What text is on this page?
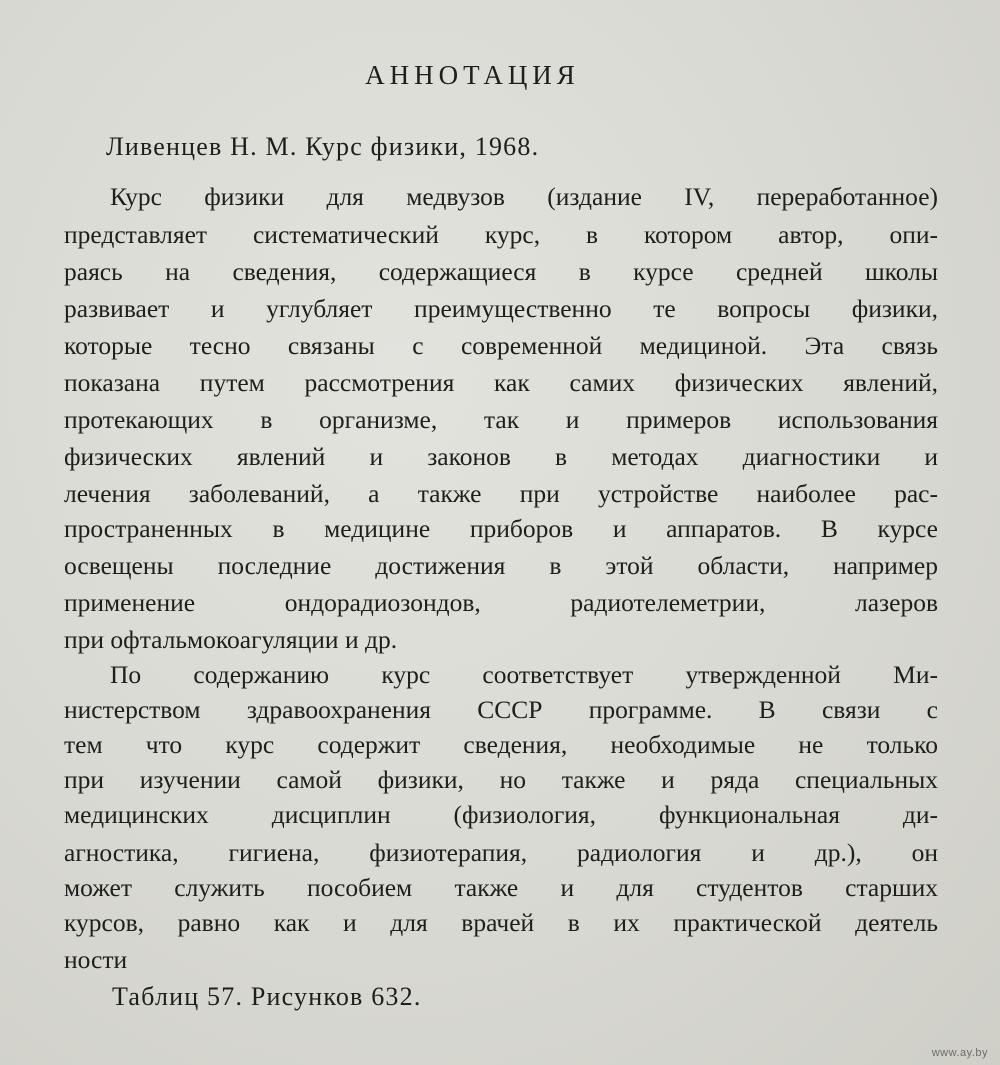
АННОТАЦИЯ
Ливенцев Н. М. Курс физики, 1968.
Курс физики для медвузов (издание IV, переработанное)
представляет систематический курс, в котором автор, опи-
раясь на сведения, содержащиеся в курсе средней школы
развивает и углубляет преимущественно те вопросы физики,
которые тесно связаны с современной медициной. Эта связь
показана путем рассмотрения как самих физических явлений,
протекающих в организме, так и примеров использования
физических явлений и законов в методах диагностики и
лечения заболеваний, а также при устройстве наиболее рас-
пространенных в медицине приборов и аппаратов. В курсе
освещены последние достижения в этой области, например
применение ондорадиозондов, радиотелеметрии, лазеров
при офтальмокоагуляции и др.
По содержанию курс соответствует утвержденной Ми-
нистерством здравоохранения СССР программе. В связи с
тем что курс содержит сведения, необходимые не только
при изучении самой физики, но также и ряда специальных
медицинских дисциплин (физиология, функциональная ди-
агностика, гигиена, физиотерапия, радиология и др.), он
может служить пособием также и для студентов старших
курсов, равно как и для врачей в их практической деятель
ности
Таблиц 57. Рисунков 632.
www.ay.by
